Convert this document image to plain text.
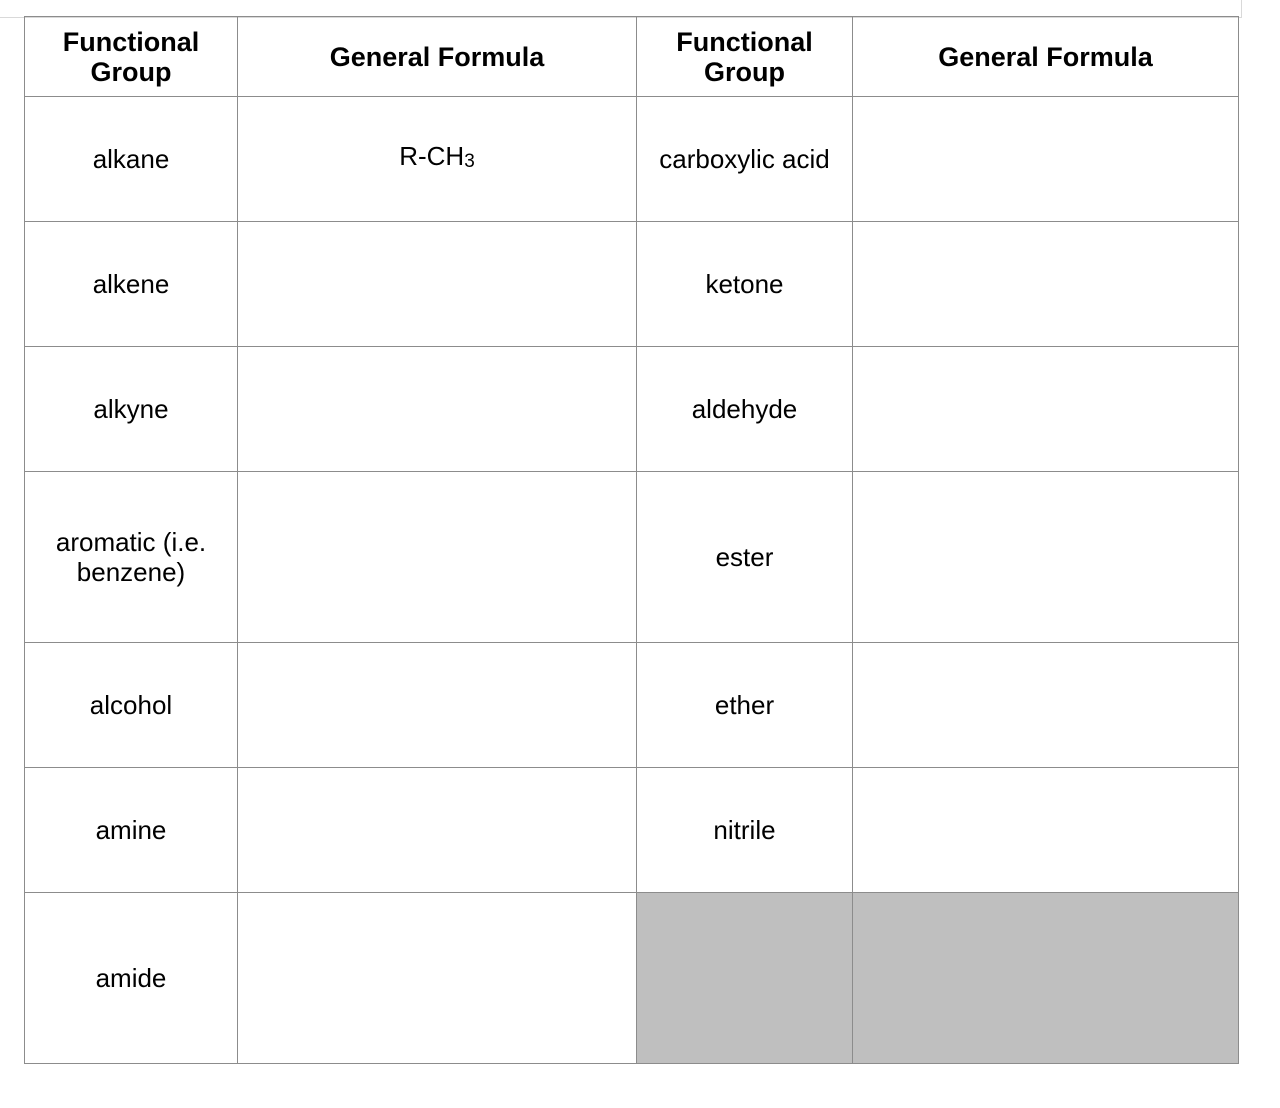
Functional Group	General Formula	Functional Group	General Formula
alkane	R-CH3	carboxylic acid	
alkene		ketone	
alkyne		aldehyde	
aromatic (i.e. benzene)		ester	
alcohol		ether	
amine		nitrile	
amide			
